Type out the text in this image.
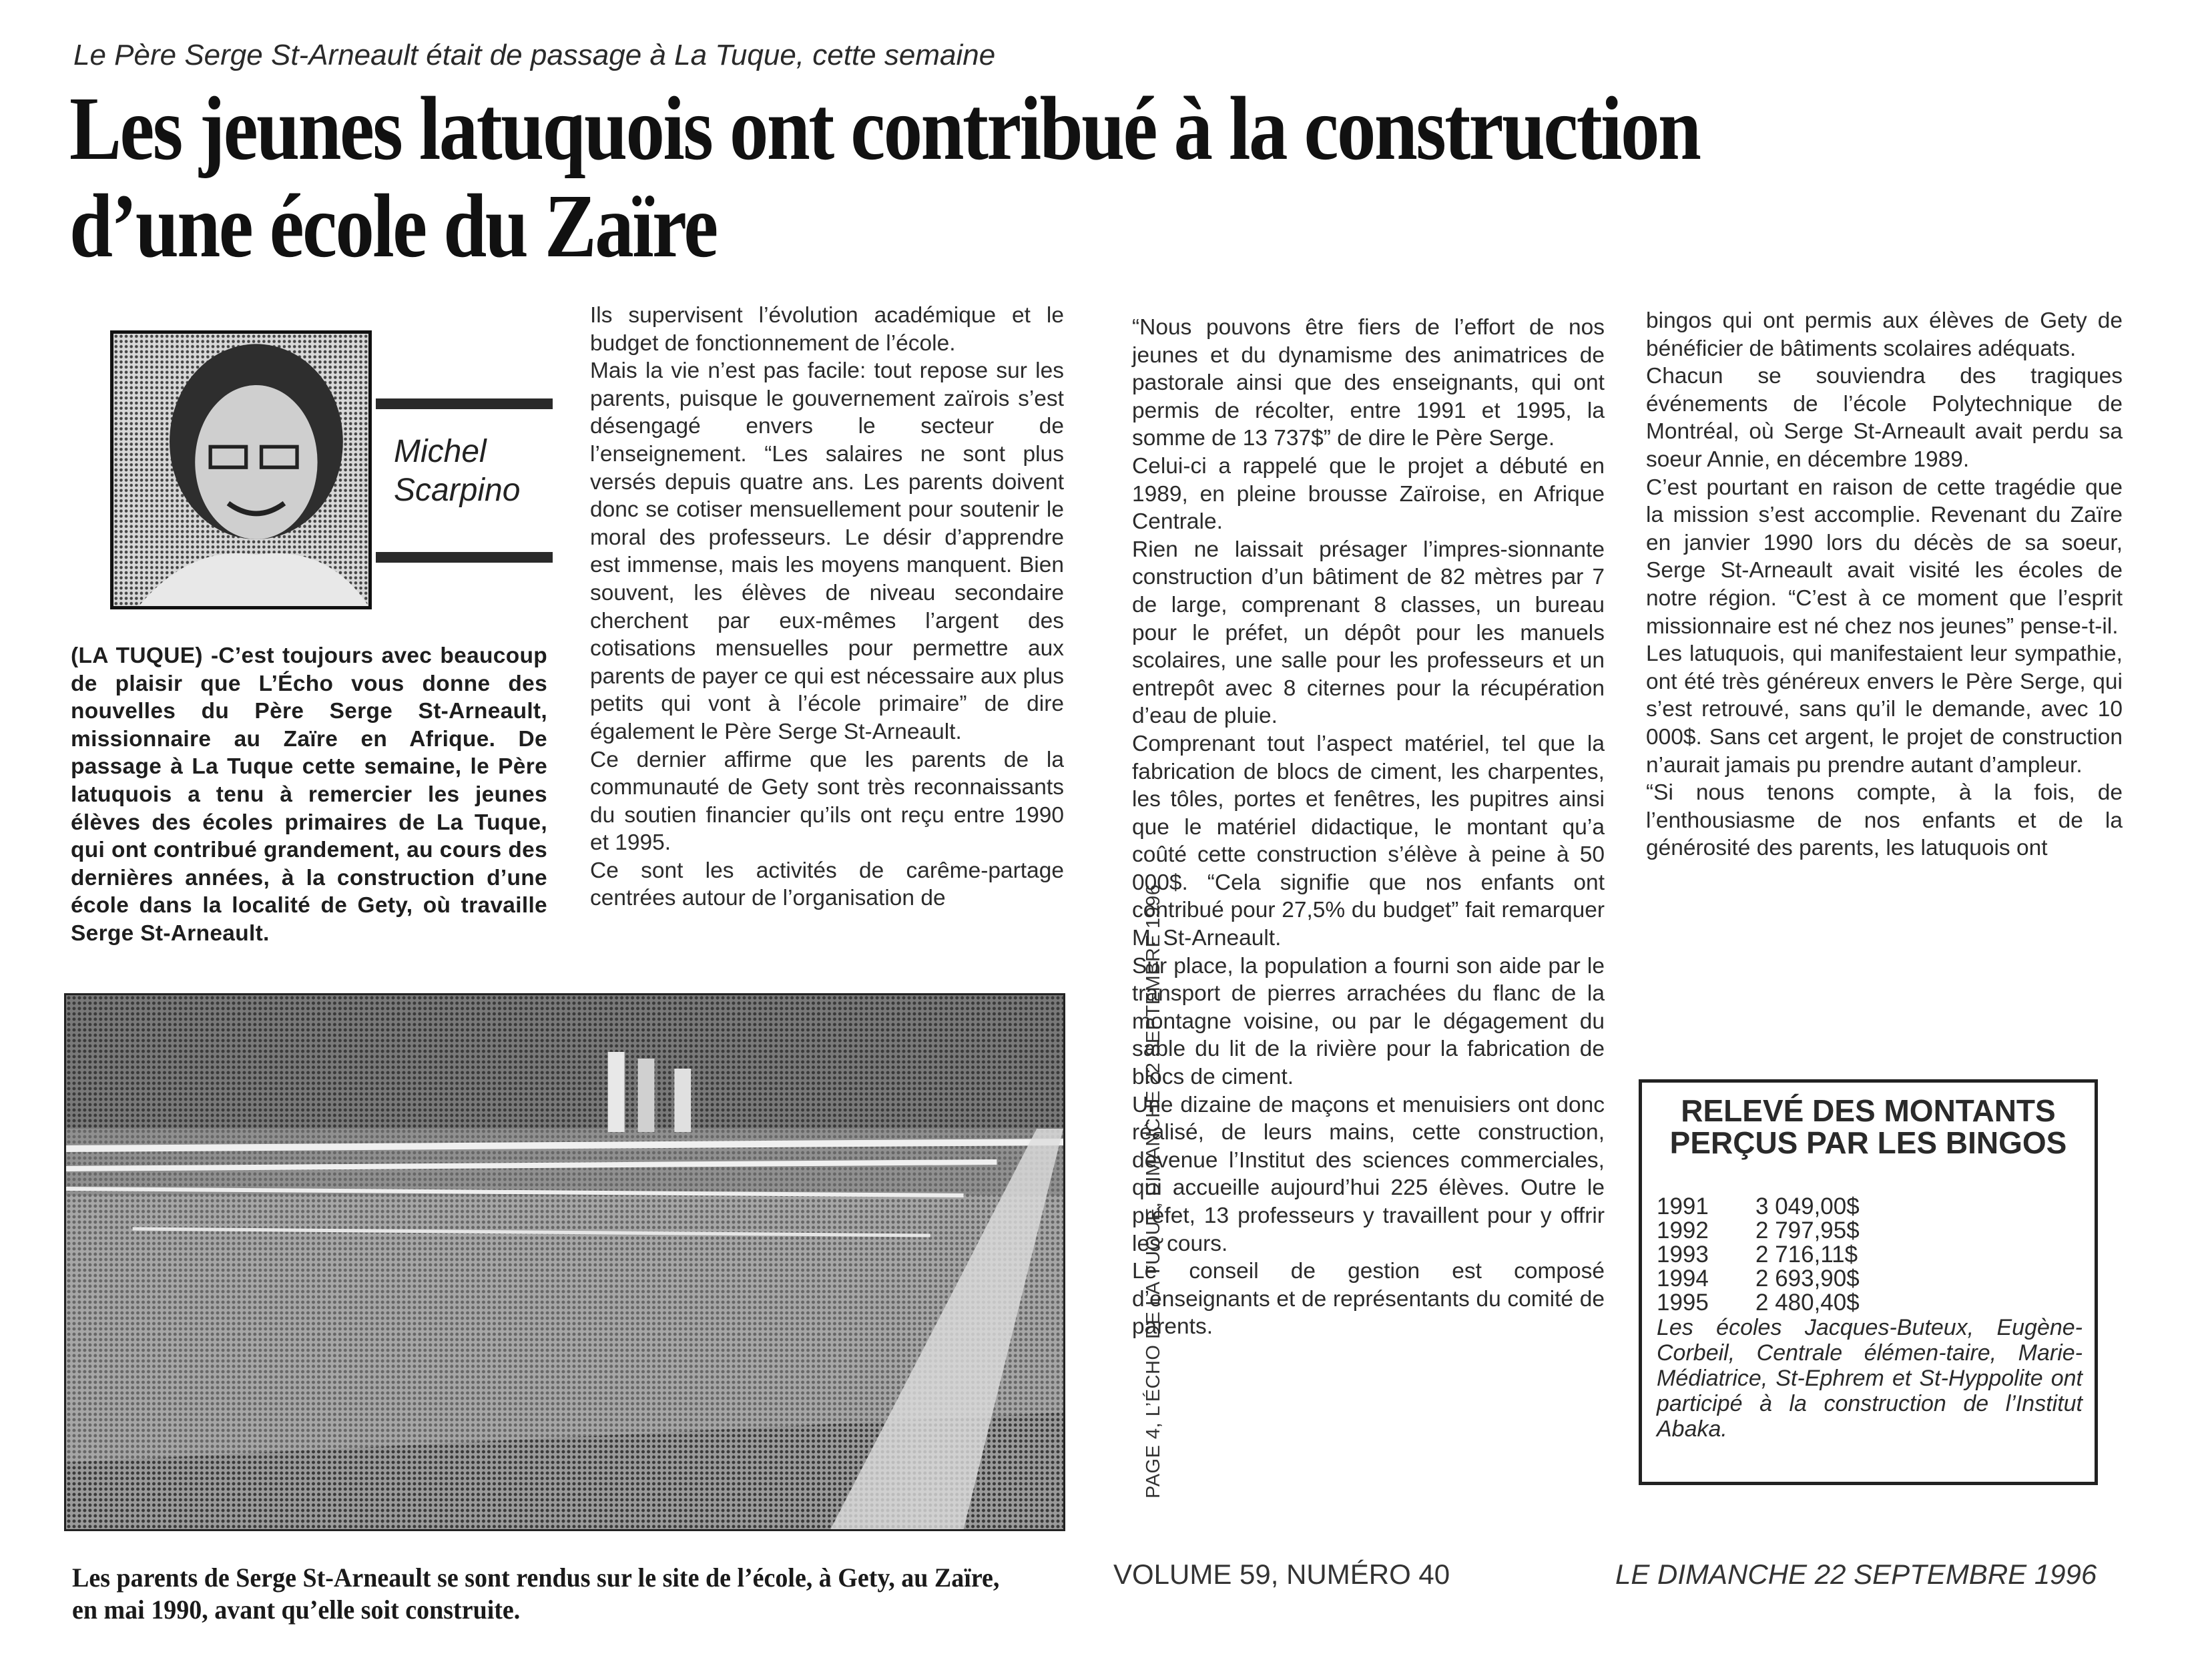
Le Père Serge St-Arneault était de passage à La Tuque, cette semaine
Les jeunes latuquois ont contribué à la construction
d’une école du Zaïre
Michel
Scarpino
(LA TUQUE) -C’est toujours avec beaucoup de plaisir que L’Écho vous donne des nouvelles du Père Serge St-Arneault, missionnaire au Zaïre en Afrique. De passage à La Tuque cette semaine, le Père latuquois a tenu à remercier les jeunes élèves des écoles primaires de La Tuque, qui ont contribué grandement, au cours des dernières années, à la construction d’une école dans la localité de Gety, où travaille Serge St-Arneault.

Ils supervisent l’évolution académique et le budget de fonctionnement de l’école.

Mais la vie n’est pas facile: tout repose sur les parents, puisque le gouvernement zaïrois s’est désengagé envers le secteur de l’enseignement. “Les salaires ne sont plus versés depuis quatre ans. Les parents doivent donc se cotiser mensuellement pour soutenir le moral des professeurs. Le désir d’apprendre est immense, mais les moyens manquent. Bien souvent, les élèves de niveau secondaire cherchent par eux-mêmes l’argent des cotisations mensuelles pour permettre aux parents de payer ce qui est nécessaire aux plus petits qui vont à l’école primaire” de dire également le Père Serge St-Arneault.

Ce dernier affirme que les parents de la communauté de Gety sont très reconnaissants du soutien financier qu’ils ont reçu entre 1990 et 1995.

Ce sont les activités de carême-partage centrées autour de l’organisation de

Les parents de Serge St-Arneault se sont rendus sur le site de l’école, à Gety, au Zaïre, en mai 1990, avant qu’elle soit construite.
PAGE 4, L’ÉCHO DE LA TUQUE, DIMANCHE 22 SEPTEMBRE 1996

“Nous pouvons être fiers de l’effort de nos jeunes et du dynamisme des animatrices de pastorale ainsi que des enseignants, qui ont permis de récolter, entre 1991 et 1995, la somme de 13 737$” de dire le Père Serge.

Celui-ci a rappelé que le projet a débuté en 1989, en pleine brousse Zaïroise, en Afrique Centrale.

Rien ne laissait présager l’impres-sionnante construction d’un bâtiment de 82 mètres par 7 de large, comprenant 8 classes, un bureau pour le préfet, un dépôt pour les manuels scolaires, une salle pour les professeurs et un entrepôt avec 8 citernes pour la récupération d’eau de pluie.

Comprenant tout l’aspect matériel, tel que la fabrication de blocs de ciment, les charpentes, les tôles, portes et fenêtres, les pupitres ainsi que le matériel didactique, le montant qu’a coûté cette construction s’élève à peine à 50 000$. “Cela signifie que nos enfants ont contribué pour 27,5% du budget” fait remarquer M. St-Arneault.

Sur place, la population a fourni son aide par le transport de pierres arrachées du flanc de la montagne voisine, ou par le dégagement du sable du lit de la rivière pour la fabrication de blocs de ciment.

Une dizaine de maçons et menuisiers ont donc réalisé, de leurs mains, cette construction, devenue l’Institut des sciences commerciales, qui accueille aujourd’hui 225 élèves. Outre le préfet, 13 professeurs y travaillent pour y offrir les cours.

Le conseil de gestion est composé d’enseignants et de représentants du comité de parents.

bingos qui ont permis aux élèves de Gety de bénéficier de bâtiments scolaires adéquats.

Chacun se souviendra des tragiques événements de l’école Polytechnique de Montréal, où Serge St-Arneault avait perdu sa soeur Annie, en décembre 1989.

C’est pourtant en raison de cette tragédie que la mission s’est accomplie. Revenant du Zaïre en janvier 1990 lors du décès de sa soeur, Serge St-Arneault avait visité les écoles de notre région. “C’est à ce moment que l’esprit missionnaire est né chez nos jeunes” pense-t-il.

Les latuquois, qui manifestaient leur sympathie, ont été très généreux envers le Père Serge, qui s’est retrouvé, sans qu’il le demande, avec 10 000$. Sans cet argent, le projet de construction n’aurait jamais pu prendre autant d’ampleur.

“Si nous tenons compte, à la fois, de l’enthousiasme de nos enfants et de la générosité des parents, les latuquois ont

RELEVÉ DES MONTANTS
PERÇUS PAR LES BINGOS
1991 3 049,00$
1992 2 797,95$
1993 2 716,11$
1994 2 693,90$
1995 2 480,40$
Les écoles Jacques-Buteux, Eugène-Corbeil, Centrale élémen-taire, Marie-Médiatrice, St-Ephrem et St-Hyppolite ont participé à la construction de l’Institut Abaka.
VOLUME 59, NUMÉRO 40	LE DIMANCHE 22 SEPTEMBRE 1996
